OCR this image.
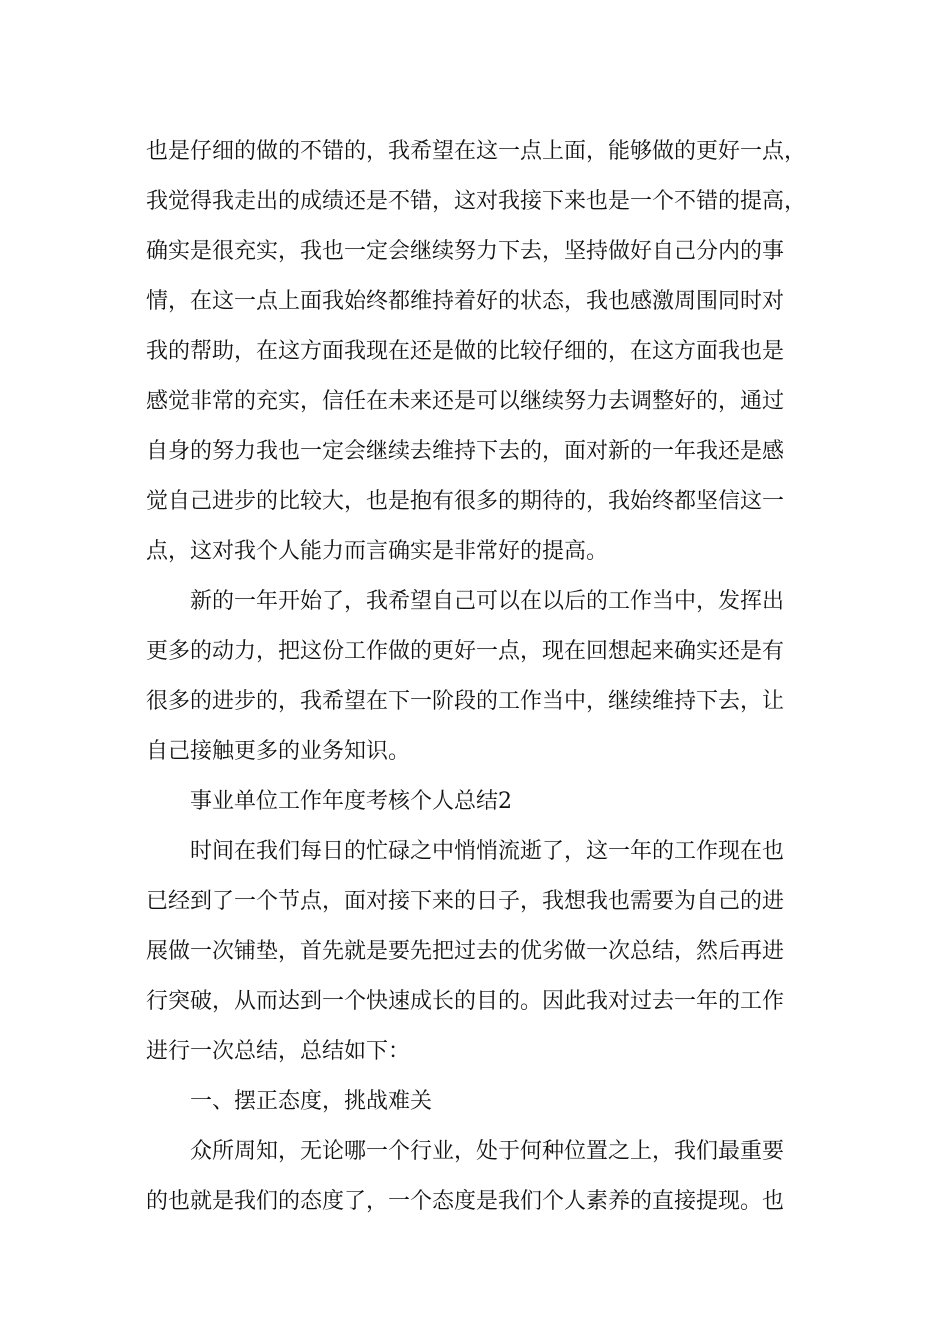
也是仔细的做的不错的，我希望在这一点上面，能够做的更好一点，
我觉得我走出的成绩还是不错，这对我接下来也是一个不错的提高，
确实是很充实，我也一定会继续努力下去，坚持做好自己分内的事
情，在这一点上面我始终都维持着好的状态，我也感激周围同时对
我的帮助，在这方面我现在还是做的比较仔细的，在这方面我也是
感觉非常的充实，信任在未来还是可以继续努力去调整好的，通过
自身的努力我也一定会继续去维持下去的，面对新的一年我还是感
觉自己进步的比较大，也是抱有很多的期待的，我始终都坚信这一
点，这对我个人能力而言确实是非常好的提高。
新的一年开始了，我希望自己可以在以后的工作当中，发挥出
更多的动力，把这份工作做的更好一点，现在回想起来确实还是有
很多的进步的，我希望在下一阶段的工作当中，继续维持下去，让
自己接触更多的业务知识。
事业单位工作年度考核个人总结2
时间在我们每日的忙碌之中悄悄流逝了，这一年的工作现在也
已经到了一个节点，面对接下来的日子，我想我也需要为自己的进
展做一次铺垫，首先就是要先把过去的优劣做一次总结，然后再进
行突破，从而达到一个快速成长的目的。因此我对过去一年的工作
进行一次总结，总结如下：
一、摆正态度，挑战难关
众所周知，无论哪一个行业，处于何种位置之上，我们最重要
的也就是我们的态度了，一个态度是我们个人素养的直接提现。也
